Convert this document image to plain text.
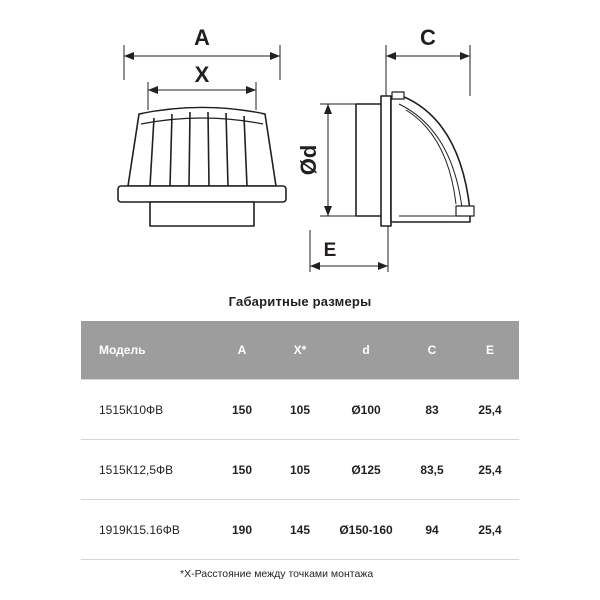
A
X
C
Ød
E
Габаритные размеры
Модель	A	X*	d	C	E
1515К10ФВ	150	105	Ø100	83	25,4
1515К12,5ФВ	150	105	Ø125	83,5	25,4
1919К15.16ФВ	190	145	Ø150-160	94	25,4
*X-Расстояние между точками монтажа
